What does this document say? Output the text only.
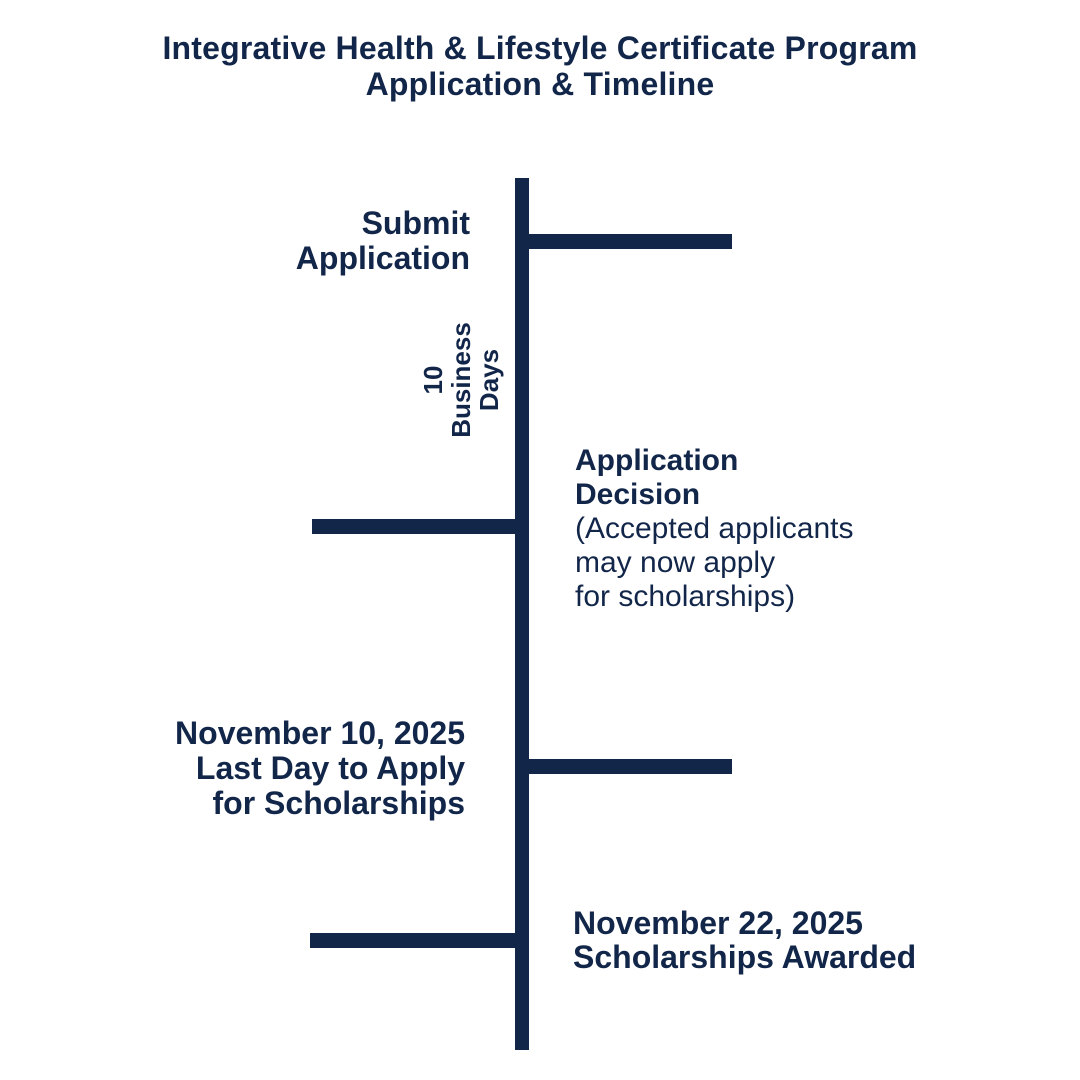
Integrative Health & Lifestyle Certificate Program
Application & Timeline
Submit
Application
10
Business
Days
Application
Decision
(Accepted applicants
may now apply
for scholarships)
November 10, 2025
Last Day to Apply
for Scholarships
November 22, 2025
Scholarships Awarded
